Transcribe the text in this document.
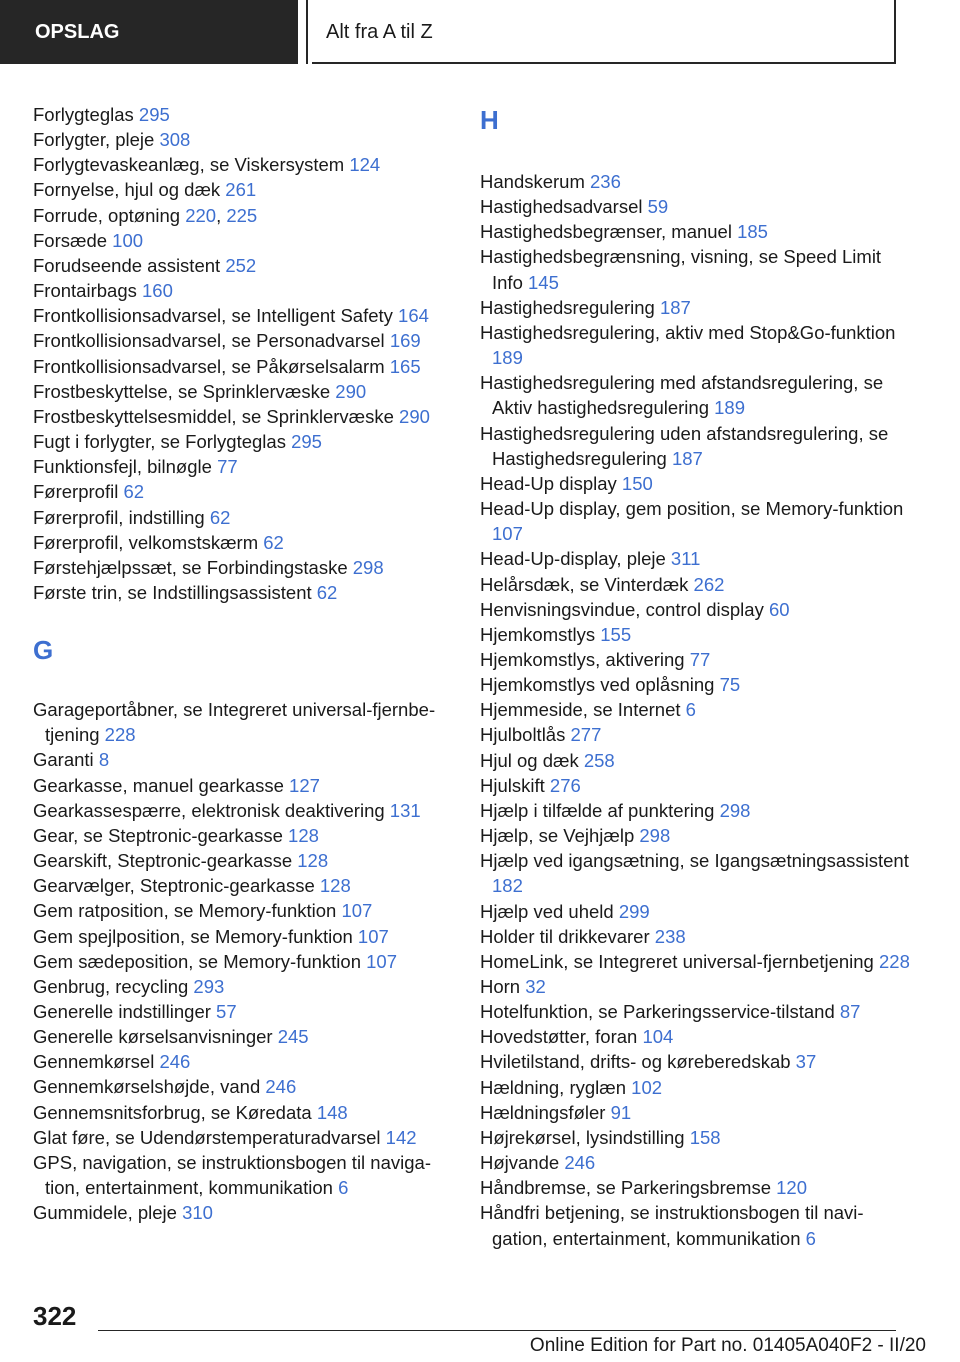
OPSLAG	Alt fra A til Z
Forlygteglas 295
Forlygter, pleje 308
Forlygtevaskeanlæg, se Viskersystem 124
Fornyelse, hjul og dæk 261
Forrude, optøning 220, 225
Forsæde 100
Forudseende assistent 252
Frontairbags 160
Frontkollisionsadvarsel, se Intelligent Safety 164
Frontkollisionsadvarsel, se Personadvarsel 169
Frontkollisionsadvarsel, se Påkørselsalarm 165
Frostbeskyttelse, se Sprinklervæske 290
Frostbeskyttelsesmiddel, se Sprinklervæske 290
Fugt i forlygter, se Forlygteglas 295
Funktionsfejl, bilnøgle 77
Førerprofil 62
Førerprofil, indstilling 62
Førerprofil, velkomstskærm 62
Førstehjælpssæt, se Forbindingstaske 298
Første trin, se Indstillingsassistent 62
G
Garageportåbner, se Integreret universal-fjernbetjening 228
Garanti 8
Gearkasse, manuel gearkasse 127
Gearkassespærre, elektronisk deaktivering 131
Gear, se Steptronic-gearkasse 128
Gearskift, Steptronic-gearkasse 128
Gearvælger, Steptronic-gearkasse 128
Gem ratposition, se Memory-funktion 107
Gem spejlposition, se Memory-funktion 107
Gem sædeposition, se Memory-funktion 107
Genbrug, recycling 293
Generelle indstillinger 57
Generelle kørselsanvisninger 245
Gennemkørsel 246
Gennemkørselshøjde, vand 246
Gennemsnitsforbrug, se Køredata 148
Glat føre, se Udendørstemperaturadvarsel 142
GPS, navigation, se instruktionsbogen til navigation, entertainment, kommunikation 6
Gummidele, pleje 310
H
Handskerum 236
Hastighedsadvarsel 59
Hastighedsbegrænser, manuel 185
Hastighedsbegrænsning, visning, se Speed Limit Info 145
Hastighedsregulering 187
Hastighedsregulering, aktiv med Stop&Go-funktion 189
Hastighedsregulering med afstandsregulering, se Aktiv hastighedsregulering 189
Hastighedsregulering uden afstandsregulering, se Hastighedsregulering 187
Head-Up display 150
Head-Up display, gem position, se Memory-funktion 107
Head-Up-display, pleje 311
Helårsdæk, se Vinterdæk 262
Henvisningsvindue, control display 60
Hjemkomstlys 155
Hjemkomstlys, aktivering 77
Hjemkomstlys ved oplåsning 75
Hjemmeside, se Internet 6
Hjulboltlås 277
Hjul og dæk 258
Hjulskift 276
Hjælp i tilfælde af punktering 298
Hjælp, se Vejhjælp 298
Hjælp ved igangsætning, se Igangsætningsassistent 182
Hjælp ved uheld 299
Holder til drikkevarer 238
HomeLink, se Integreret universal-fjernbetjening 228
Horn 32
Hotelfunktion, se Parkeringsservice-tilstand 87
Hovedstøtter, foran 104
Hviletilstand, drifts- og køreberedskab 37
Hældning, ryglæn 102
Hældningsføler 91
Højrekørsel, lysindstilling 158
Højvande 246
Håndbremse, se Parkeringsbremse 120
Håndfri betjening, se instruktionsbogen til navigation, entertainment, kommunikation 6
322
Online Edition for Part no. 01405A040F2 - II/20
